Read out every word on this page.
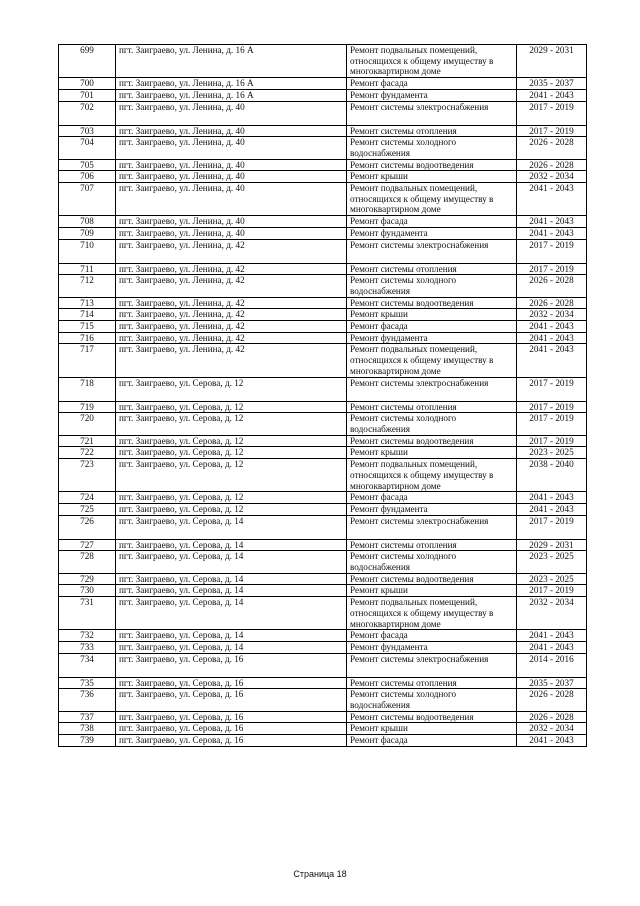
699	пгт. Заиграево, ул. Ленина, д. 16 А	Ремонт подвальных помещений, относящихся к общему имуществу в многоквартирном доме	2029 - 2031
700	пгт. Заиграево, ул. Ленина, д. 16 А	Ремонт фасада	2035 - 2037
701	пгт. Заиграево, ул. Ленина, д. 16 А	Ремонт фундамента	2041 - 2043
702	пгт. Заиграево, ул. Ленина, д. 40	Ремонт системы электроснабжения	2017 - 2019
703	пгт. Заиграево, ул. Ленина, д. 40	Ремонт системы отопления	2017 - 2019
704	пгт. Заиграево, ул. Ленина, д. 40	Ремонт системы холодного водоснабжения	2026 - 2028
705	пгт. Заиграево, ул. Ленина, д. 40	Ремонт системы водоотведения	2026 - 2028
706	пгт. Заиграево, ул. Ленина, д. 40	Ремонт крыши	2032 - 2034
707	пгт. Заиграево, ул. Ленина, д. 40	Ремонт подвальных помещений, относящихся к общему имуществу в многоквартирном доме	2041 - 2043
708	пгт. Заиграево, ул. Ленина, д. 40	Ремонт фасада	2041 - 2043
709	пгт. Заиграево, ул. Ленина, д. 40	Ремонт фундамента	2041 - 2043
710	пгт. Заиграево, ул. Ленина, д. 42	Ремонт системы электроснабжения	2017 - 2019
711	пгт. Заиграево, ул. Ленина, д. 42	Ремонт системы отопления	2017 - 2019
712	пгт. Заиграево, ул. Ленина, д. 42	Ремонт системы холодного водоснабжения	2026 - 2028
713	пгт. Заиграево, ул. Ленина, д. 42	Ремонт системы водоотведения	2026 - 2028
714	пгт. Заиграево, ул. Ленина, д. 42	Ремонт крыши	2032 - 2034
715	пгт. Заиграево, ул. Ленина, д. 42	Ремонт фасада	2041 - 2043
716	пгт. Заиграево, ул. Ленина, д. 42	Ремонт фундамента	2041 - 2043
717	пгт. Заиграево, ул. Ленина, д. 42	Ремонт подвальных помещений, относящихся к общему имуществу в многоквартирном доме	2041 - 2043
718	пгт. Заиграево, ул. Серова, д. 12	Ремонт системы электроснабжения	2017 - 2019
719	пгт. Заиграево, ул. Серова, д. 12	Ремонт системы отопления	2017 - 2019
720	пгт. Заиграево, ул. Серова, д. 12	Ремонт системы холодного водоснабжения	2017 - 2019
721	пгт. Заиграево, ул. Серова, д. 12	Ремонт системы водоотведения	2017 - 2019
722	пгт. Заиграево, ул. Серова, д. 12	Ремонт крыши	2023 - 2025
723	пгт. Заиграево, ул. Серова, д. 12	Ремонт подвальных помещений, относящихся к общему имуществу в многоквартирном доме	2038 - 2040
724	пгт. Заиграево, ул. Серова, д. 12	Ремонт фасада	2041 - 2043
725	пгт. Заиграево, ул. Серова, д. 12	Ремонт фундамента	2041 - 2043
726	пгт. Заиграево, ул. Серова, д. 14	Ремонт системы электроснабжения	2017 - 2019
727	пгт. Заиграево, ул. Серова, д. 14	Ремонт системы отопления	2029 - 2031
728	пгт. Заиграево, ул. Серова, д. 14	Ремонт системы холодного водоснабжения	2023 - 2025
729	пгт. Заиграево, ул. Серова, д. 14	Ремонт системы водоотведения	2023 - 2025
730	пгт. Заиграево, ул. Серова, д. 14	Ремонт крыши	2017 - 2019
731	пгт. Заиграево, ул. Серова, д. 14	Ремонт подвальных помещений, относящихся к общему имуществу в многоквартирном доме	2032 - 2034
732	пгт. Заиграево, ул. Серова, д. 14	Ремонт фасада	2041 - 2043
733	пгт. Заиграево, ул. Серова, д. 14	Ремонт фундамента	2041 - 2043
734	пгт. Заиграево, ул. Серова, д. 16	Ремонт системы электроснабжения	2014 - 2016
735	пгт. Заиграево, ул. Серова, д. 16	Ремонт системы отопления	2035 - 2037
736	пгт. Заиграево, ул. Серова, д. 16	Ремонт системы холодного водоснабжения	2026 - 2028
737	пгт. Заиграево, ул. Серова, д. 16	Ремонт системы водоотведения	2026 - 2028
738	пгт. Заиграево, ул. Серова, д. 16	Ремонт крыши	2032 - 2034
739	пгт. Заиграево, ул. Серова, д. 16	Ремонт фасада	2041 - 2043
Страница 18
